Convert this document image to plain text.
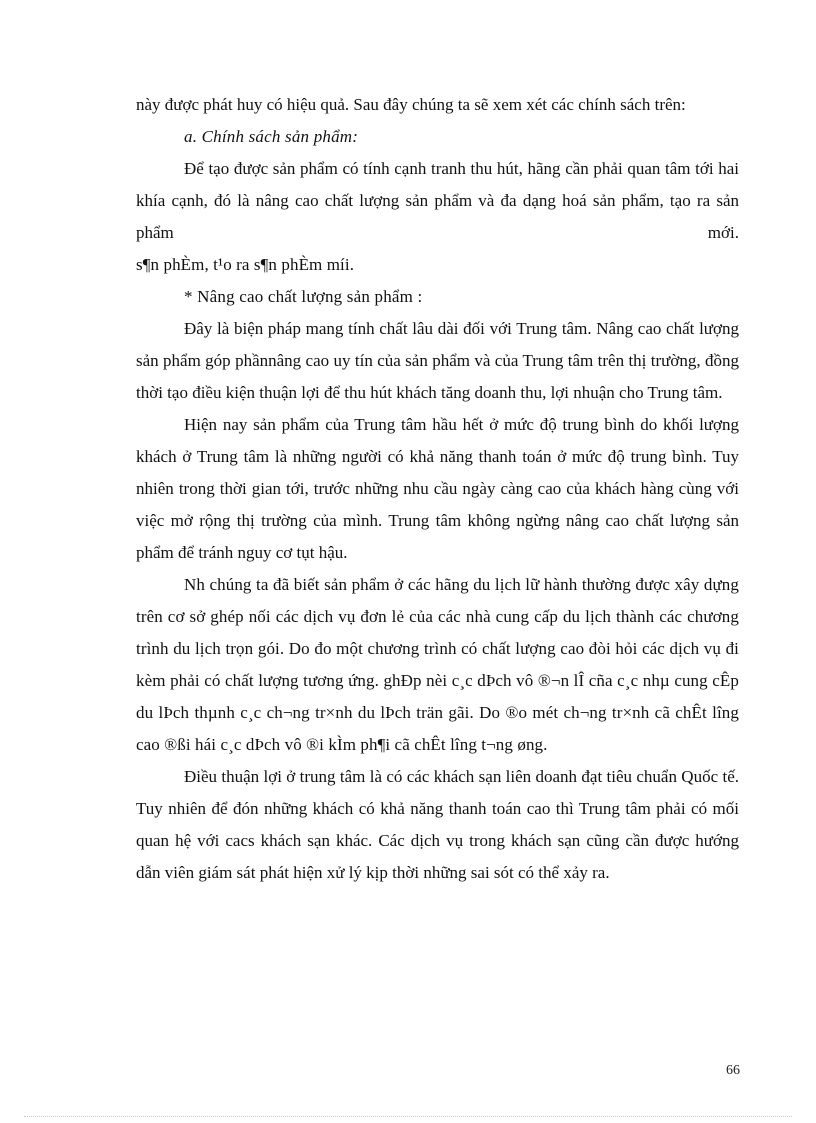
này được phát huy có hiệu quả. Sau đây chúng ta sẽ xem xét các chính sách trên:

a. Chính sách sản phẩm:

Để tạo được sản phẩm có tính cạnh tranh thu hút, hãng cần phải quan tâm tới hai khía cạnh, đó là nâng cao chất lượng sản phẩm và đa dạng hoá sản phẩm, tạo ra sản phẩm mới.

s¶n phÈm, t¹o ra s¶n phÈm míi.

* Nâng cao chất lượng sản phẩm :

Đây là biện pháp mang tính chất lâu dài đối với Trung tâm. Nâng cao chất lượng sản phẩm góp phầnnâng cao uy tín của sản phẩm và của Trung tâm trên thị trường, đồng thời tạo điều kiện thuận lợi để thu hút khách tăng doanh thu, lợi nhuận cho Trung tâm.

Hiện nay sản phẩm của Trung tâm hầu hết ở mức độ trung bình do khối lượng khách ở Trung tâm là những người có khả năng thanh toán ở mức độ trung bình. Tuy nhiên trong thời gian tới, trước những nhu cầu ngày càng cao của khách hàng cùng với việc mở rộng thị trường của mình. Trung tâm không ngừng nâng cao chất lượng sản phẩm để tránh nguy cơ tụt hậu.

Nh chúng ta đã biết sản phẩm ở các hãng du lịch lữ hành thường được xây dựng trên cơ sở ghép nối các dịch vụ đơn lẻ của các nhà cung cấp du lịch thành các chương trình du lịch trọn gói. Do đo một chương trình có chất lượng cao đòi hỏi các dịch vụ đi kèm phải có chất lượng tương ứng. ghÐp nèi c¸c dÞch vô ®¬n lÎ cña c¸c nhµ cung cÊp du lÞch thµnh c¸c ch¬ng tr×nh du lÞch trän gãi. Do ®o mét ch¬ng tr×nh cã chÊt lîng cao ®ßi hái c¸c dÞch vô ®i kÌm ph¶i cã chÊt lîng t¬ng øng.

Điều thuận lợi ở trung tâm là có các khách sạn liên doanh đạt tiêu chuẩn Quốc tế. Tuy nhiên để đón những khách có khả năng thanh toán cao thì Trung tâm phải có mối quan hệ với cacs khách sạn khác. Các dịch vụ trong khách sạn cũng cần được hướng dẫn viên giám sát phát hiện xử lý kịp thời những sai sót có thể xảy ra.

66
